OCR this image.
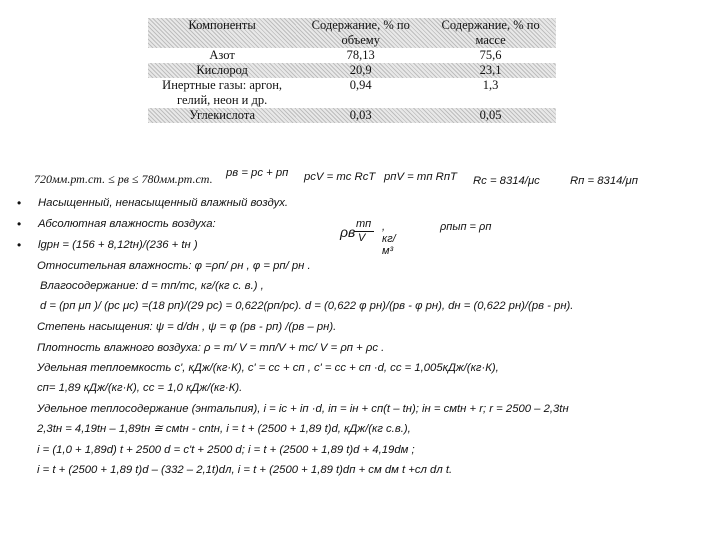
Компоненты	Содержание, % по объему	Содержание, % по массе
Азот	78,13	75,6
Кислород	20,9	23,1
Инертные газы: аргон, гелий, неон и др.	0,94	1,3
Углекислота	0,03	0,05
720мм.рт.ст. ≤ pв ≤ 780мм.рт.ст. pв = pс + pп pсV = mс RсT pпV = mп RпT Rс = 8314/μс	Rп = 8314/μп
• Насыщенный, ненасыщенный влажный воздух.
• Абсолютная влажность воздуха:
• lgpн = (156 + 8,12tн)/(236 + tн )
ρв mп
V
, кг/ м³
ρпып = ρп
Относительная влажность: φ =ρп/ ρн , φ = pп/ pн .
Влагосодержание: d = mп/mс, кг/(кг с. в.) ,
d = (pп μп )/ (pс μс) =(18 pп)/(29 pс) = 0,622(pп/pс). d = (0,622 φ pн)/(pв - φ pн), dн = (0,622 pн)/(pв - pн).
Степень насыщения: ψ = d/dн , ψ = φ (pв - pп) /(pв – pн).
Плотность влажного воздуха: ρ = m/ V = mп/V + mс/ V = ρп + ρс .
Удельная теплоемкость с', кДж/(кг·К), с' = сс + сп , с' = сс + сп ·d, сс = 1,005кДж/(кг·К),
сп= 1,89 кДж/(кг·К), сс = 1,0 кДж/(кг·К).
Удельное теплосодержание (энтальпия), i = iс + iп ·d, iп = iн + сп(t – tн); iн = смtн + r; r = 2500 – 2,3tн
2,3tн = 4,19tн – 1,89tн ≅ смtн - сntн, i = t + (2500 + 1,89 t)d, кДж/(кг с.в.),
i = (1,0 + 1,89d) t + 2500 d = с't + 2500 d; i = t + (2500 + 1,89 t)d + 4,19dм ;
i = t + (2500 + 1,89 t)d – (332 – 2,1t)dл, i = t + (2500 + 1,89 t)dп + см dм t +сл dл t.
